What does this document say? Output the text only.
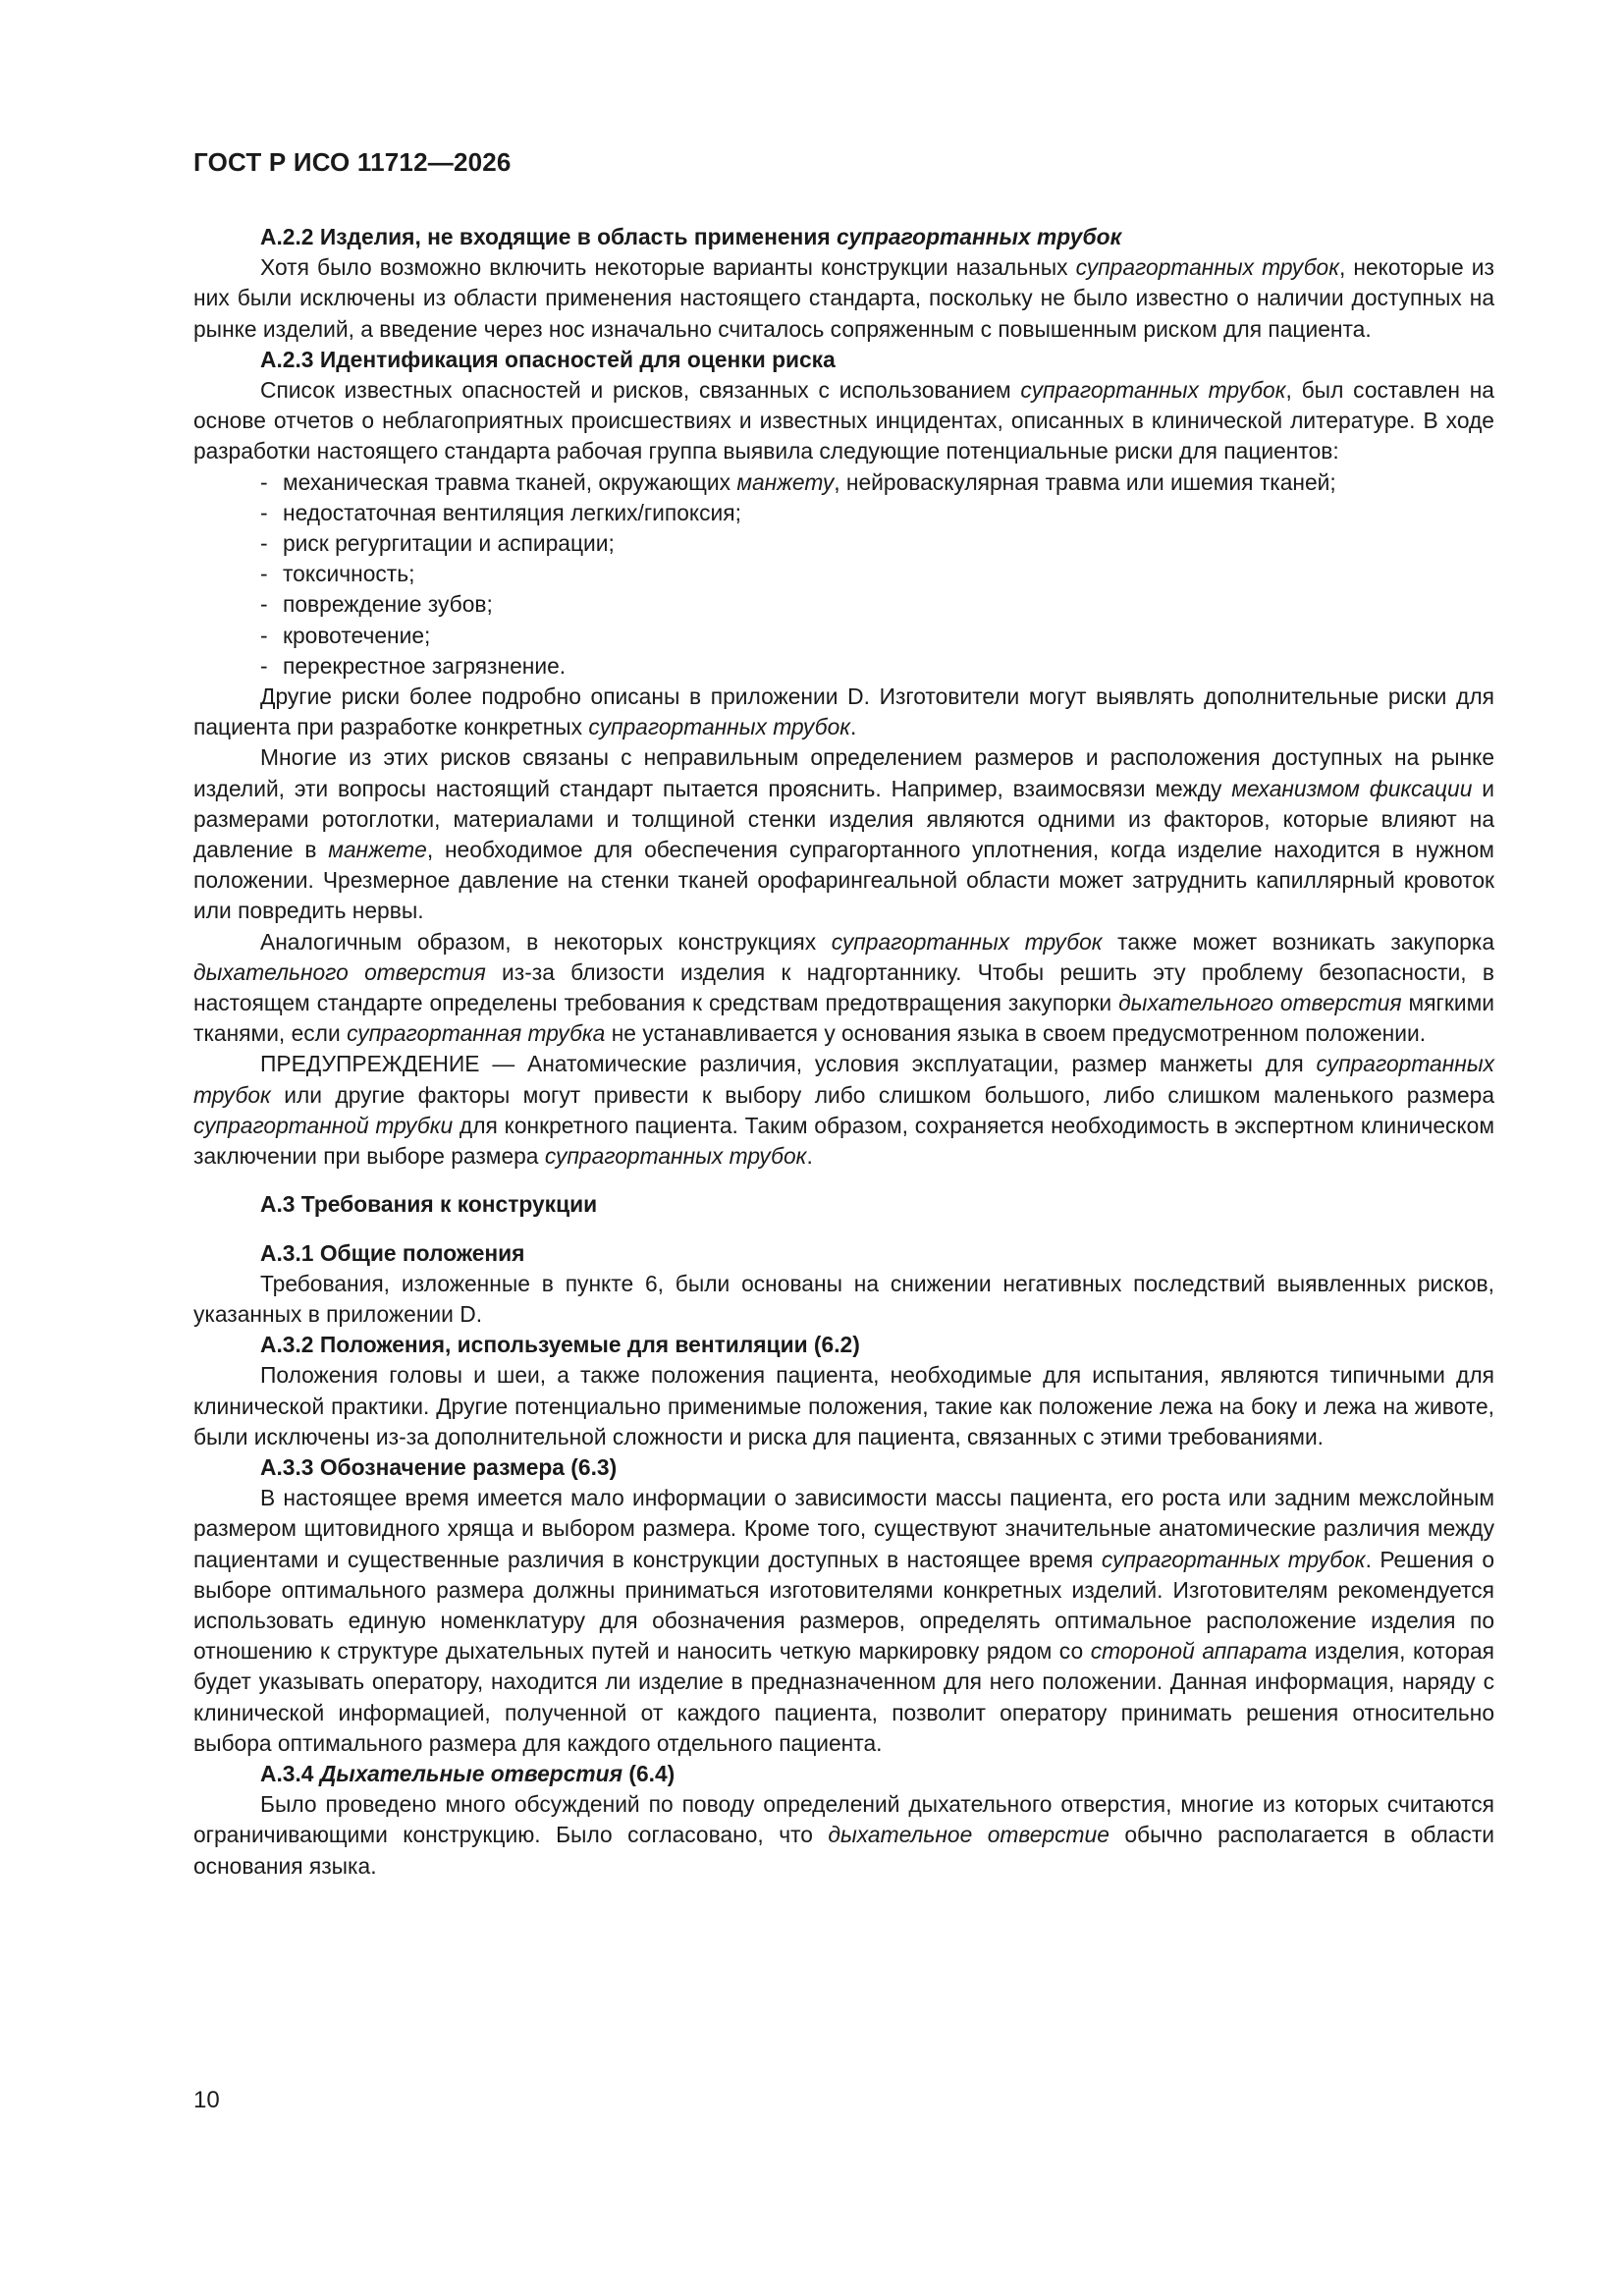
ГОСТ Р ИСО 11712—2026

A.2.2 Изделия, не входящие в область применения супрагортанных трубок

Хотя было возможно включить некоторые варианты конструкции назальных супрагортанных трубок, некоторые из них были исключены из области применения настоящего стандарта, поскольку не было известно о наличии доступных на рынке изделий, а введение через нос изначально считалось сопряженным с повышенным риском для пациента.

A.2.3 Идентификация опасностей для оценки риска

Список известных опасностей и рисков, связанных с использованием супрагортанных трубок, был составлен на основе отчетов о неблагоприятных происшествиях и известных инцидентах, описанных в клинической литературе. В ходе разработки настоящего стандарта рабочая группа выявила следующие потенциальные риски для пациентов:

- механическая травма тканей, окружающих манжету, нейроваскулярная травма или ишемия тканей;
- недостаточная вентиляция легких/гипоксия;
- риск регургитации и аспирации;
- токсичность;
- повреждение зубов;
- кровотечение;
- перекрестное загрязнение.

Другие риски более подробно описаны в приложении D. Изготовители могут выявлять дополнительные риски для пациента при разработке конкретных супрагортанных трубок.

Многие из этих рисков связаны с неправильным определением размеров и расположения доступных на рынке изделий, эти вопросы настоящий стандарт пытается прояснить. Например, взаимосвязи между механизмом фиксации и размерами ротоглотки, материалами и толщиной стенки изделия являются одними из факторов, которые влияют на давление в манжете, необходимое для обеспечения супрагортанного уплотнения, когда изделие находится в нужном положении. Чрезмерное давление на стенки тканей орофарингеальной области может затруднить капиллярный кровоток или повредить нервы.

Аналогичным образом, в некоторых конструкциях супрагортанных трубок также может возникать закупорка дыхательного отверстия из-за близости изделия к надгортаннику. Чтобы решить эту проблему безопасности, в настоящем стандарте определены требования к средствам предотвращения закупорки дыхательного отверстия мягкими тканями, если супрагортанная трубка не устанавливается у основания языка в своем предусмотренном положении.

ПРЕДУПРЕЖДЕНИЕ — Анатомические различия, условия эксплуатации, размер манжеты для супрагортанных трубок или другие факторы могут привести к выбору либо слишком большого, либо слишком маленького размера супрагортанной трубки для конкретного пациента. Таким образом, сохраняется необходимость в экспертном клиническом заключении при выборе размера супрагортанных трубок.

A.3 Требования к конструкции

A.3.1 Общие положения

Требования, изложенные в пункте 6, были основаны на снижении негативных последствий выявленных рисков, указанных в приложении D.

A.3.2 Положения, используемые для вентиляции (6.2)

Положения головы и шеи, а также положения пациента, необходимые для испытания, являются типичными для клинической практики. Другие потенциально применимые положения, такие как положение лежа на боку и лежа на животе, были исключены из-за дополнительной сложности и риска для пациента, связанных с этими требованиями.

A.3.3 Обозначение размера (6.3)

В настоящее время имеется мало информации о зависимости массы пациента, его роста или задним межслойным размером щитовидного хряща и выбором размера. Кроме того, существуют значительные анатомические различия между пациентами и существенные различия в конструкции доступных в настоящее время супрагортанных трубок. Решения о выборе оптимального размера должны приниматься изготовителями конкретных изделий. Изготовителям рекомендуется использовать единую номенклатуру для обозначения размеров, определять оптимальное расположение изделия по отношению к структуре дыхательных путей и наносить четкую маркировку рядом со стороной аппарата изделия, которая будет указывать оператору, находится ли изделие в предназначенном для него положении. Данная информация, наряду с клинической информацией, полученной от каждого пациента, позволит оператору принимать решения относительно выбора оптимального размера для каждого отдельного пациента.

A.3.4 Дыхательные отверстия (6.4)

Было проведено много обсуждений по поводу определений дыхательного отверстия, многие из которых считаются ограничивающими конструкцию. Было согласовано, что дыхательное отверстие обычно располагается в области основания языка.

10
